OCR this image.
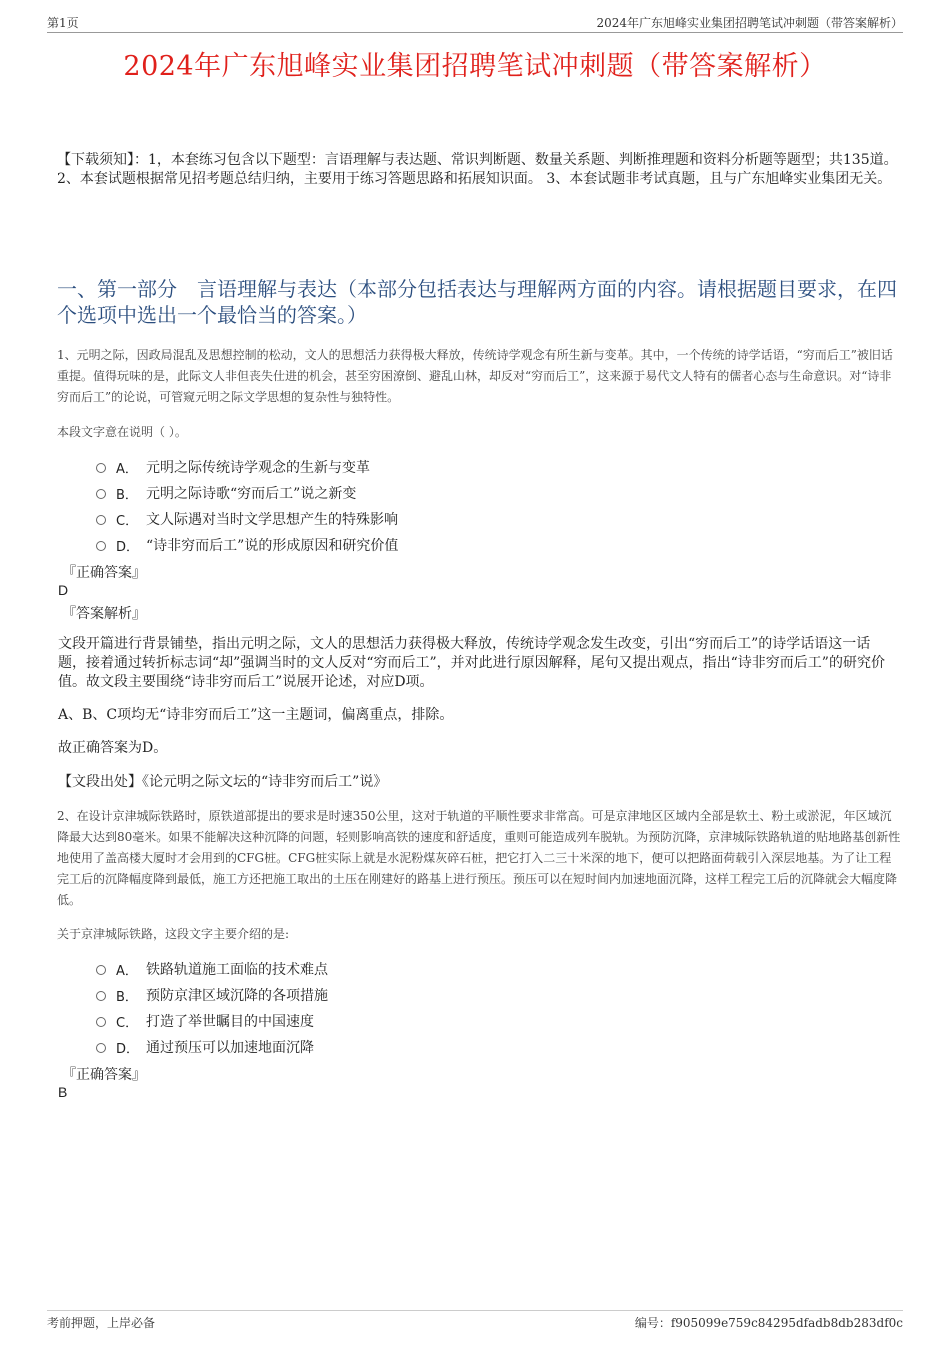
第1页	2024年广东旭峰实业集团招聘笔试冲刺题（带答案解析）
2024年广东旭峰实业集团招聘笔试冲刺题（带答案解析）
【下载须知】：1，本套练习包含以下题型：言语理解与表达题、常识判断题、数量关系题、判断推理题和资料分析题等题型；共135道。 2、本套试题根据常见招考题总结归纳，主要用于练习答题思路和拓展知识面。 3、本套试题非考试真题，且与广东旭峰实业集团无关。
一、第一部分　言语理解与表达（本部分包括表达与理解两方面的内容。请根据题目要求，在四个选项中选出一个最恰当的答案。）
1、元明之际，因政局混乱及思想控制的松动，文人的思想活力获得极大释放，传统诗学观念有所生新与变革。其中，一个传统的诗学话语，“穷而后工”被旧话重提。值得玩味的是，此际文人非但丧失仕进的机会，甚至穷困潦倒、避乱山林，却反对“穷而后工”，这来源于易代文人特有的儒者心态与生命意识。对“诗非穷而后工”的论说，可管窥元明之际文学思想的复杂性与独特性。
本段文字意在说明（ ）。
A． 元明之际传统诗学观念的生新与变革
B． 元明之际诗歌“穷而后工”说之新变
C． 文人际遇对当时文学思想产生的特殊影响
D． “诗非穷而后工”说的形成原因和研究价值
『正确答案』
D
『答案解析』
文段开篇进行背景铺垫，指出元明之际，文人的思想活力获得极大释放，传统诗学观念发生改变，引出“穷而后工”的诗学话语这一话题，接着通过转折标志词“却”强调当时的文人反对“穷而后工”，并对此进行原因解释，尾句又提出观点，指出“诗非穷而后工”的研究价值。故文段主要围绕“诗非穷而后工”说展开论述，对应D项。
A、B、C项均无“诗非穷而后工”这一主题词，偏离重点，排除。
故正确答案为D。
【文段出处】《论元明之际文坛的“诗非穷而后工”说》
2、在设计京津城际铁路时，原铁道部提出的要求是时速350公里，这对于轨道的平顺性要求非常高。可是京津地区区域内全部是软土、粉土或淤泥，年区域沉降最大达到80毫米。如果不能解决这种沉降的问题，轻则影响高铁的速度和舒适度，重则可能造成列车脱轨。为预防沉降，京津城际铁路轨道的贴地路基创新性地使用了盖高楼大厦时才会用到的CFG桩。CFG桩实际上就是水泥粉煤灰碎石桩，把它打入二三十米深的地下，便可以把路面荷载引入深层地基。为了让工程完工后的沉降幅度降到最低，施工方还把施工取出的土压在刚建好的路基上进行预压。预压可以在短时间内加速地面沉降，这样工程完工后的沉降就会大幅度降低。
关于京津城际铁路，这段文字主要介绍的是:
A． 铁路轨道施工面临的技术难点
B． 预防京津区域沉降的各项措施
C． 打造了举世瞩目的中国速度
D． 通过预压可以加速地面沉降
『正确答案』
B
考前押题，上岸必备	编号：f905099e759c84295dfadb8db283df0c
